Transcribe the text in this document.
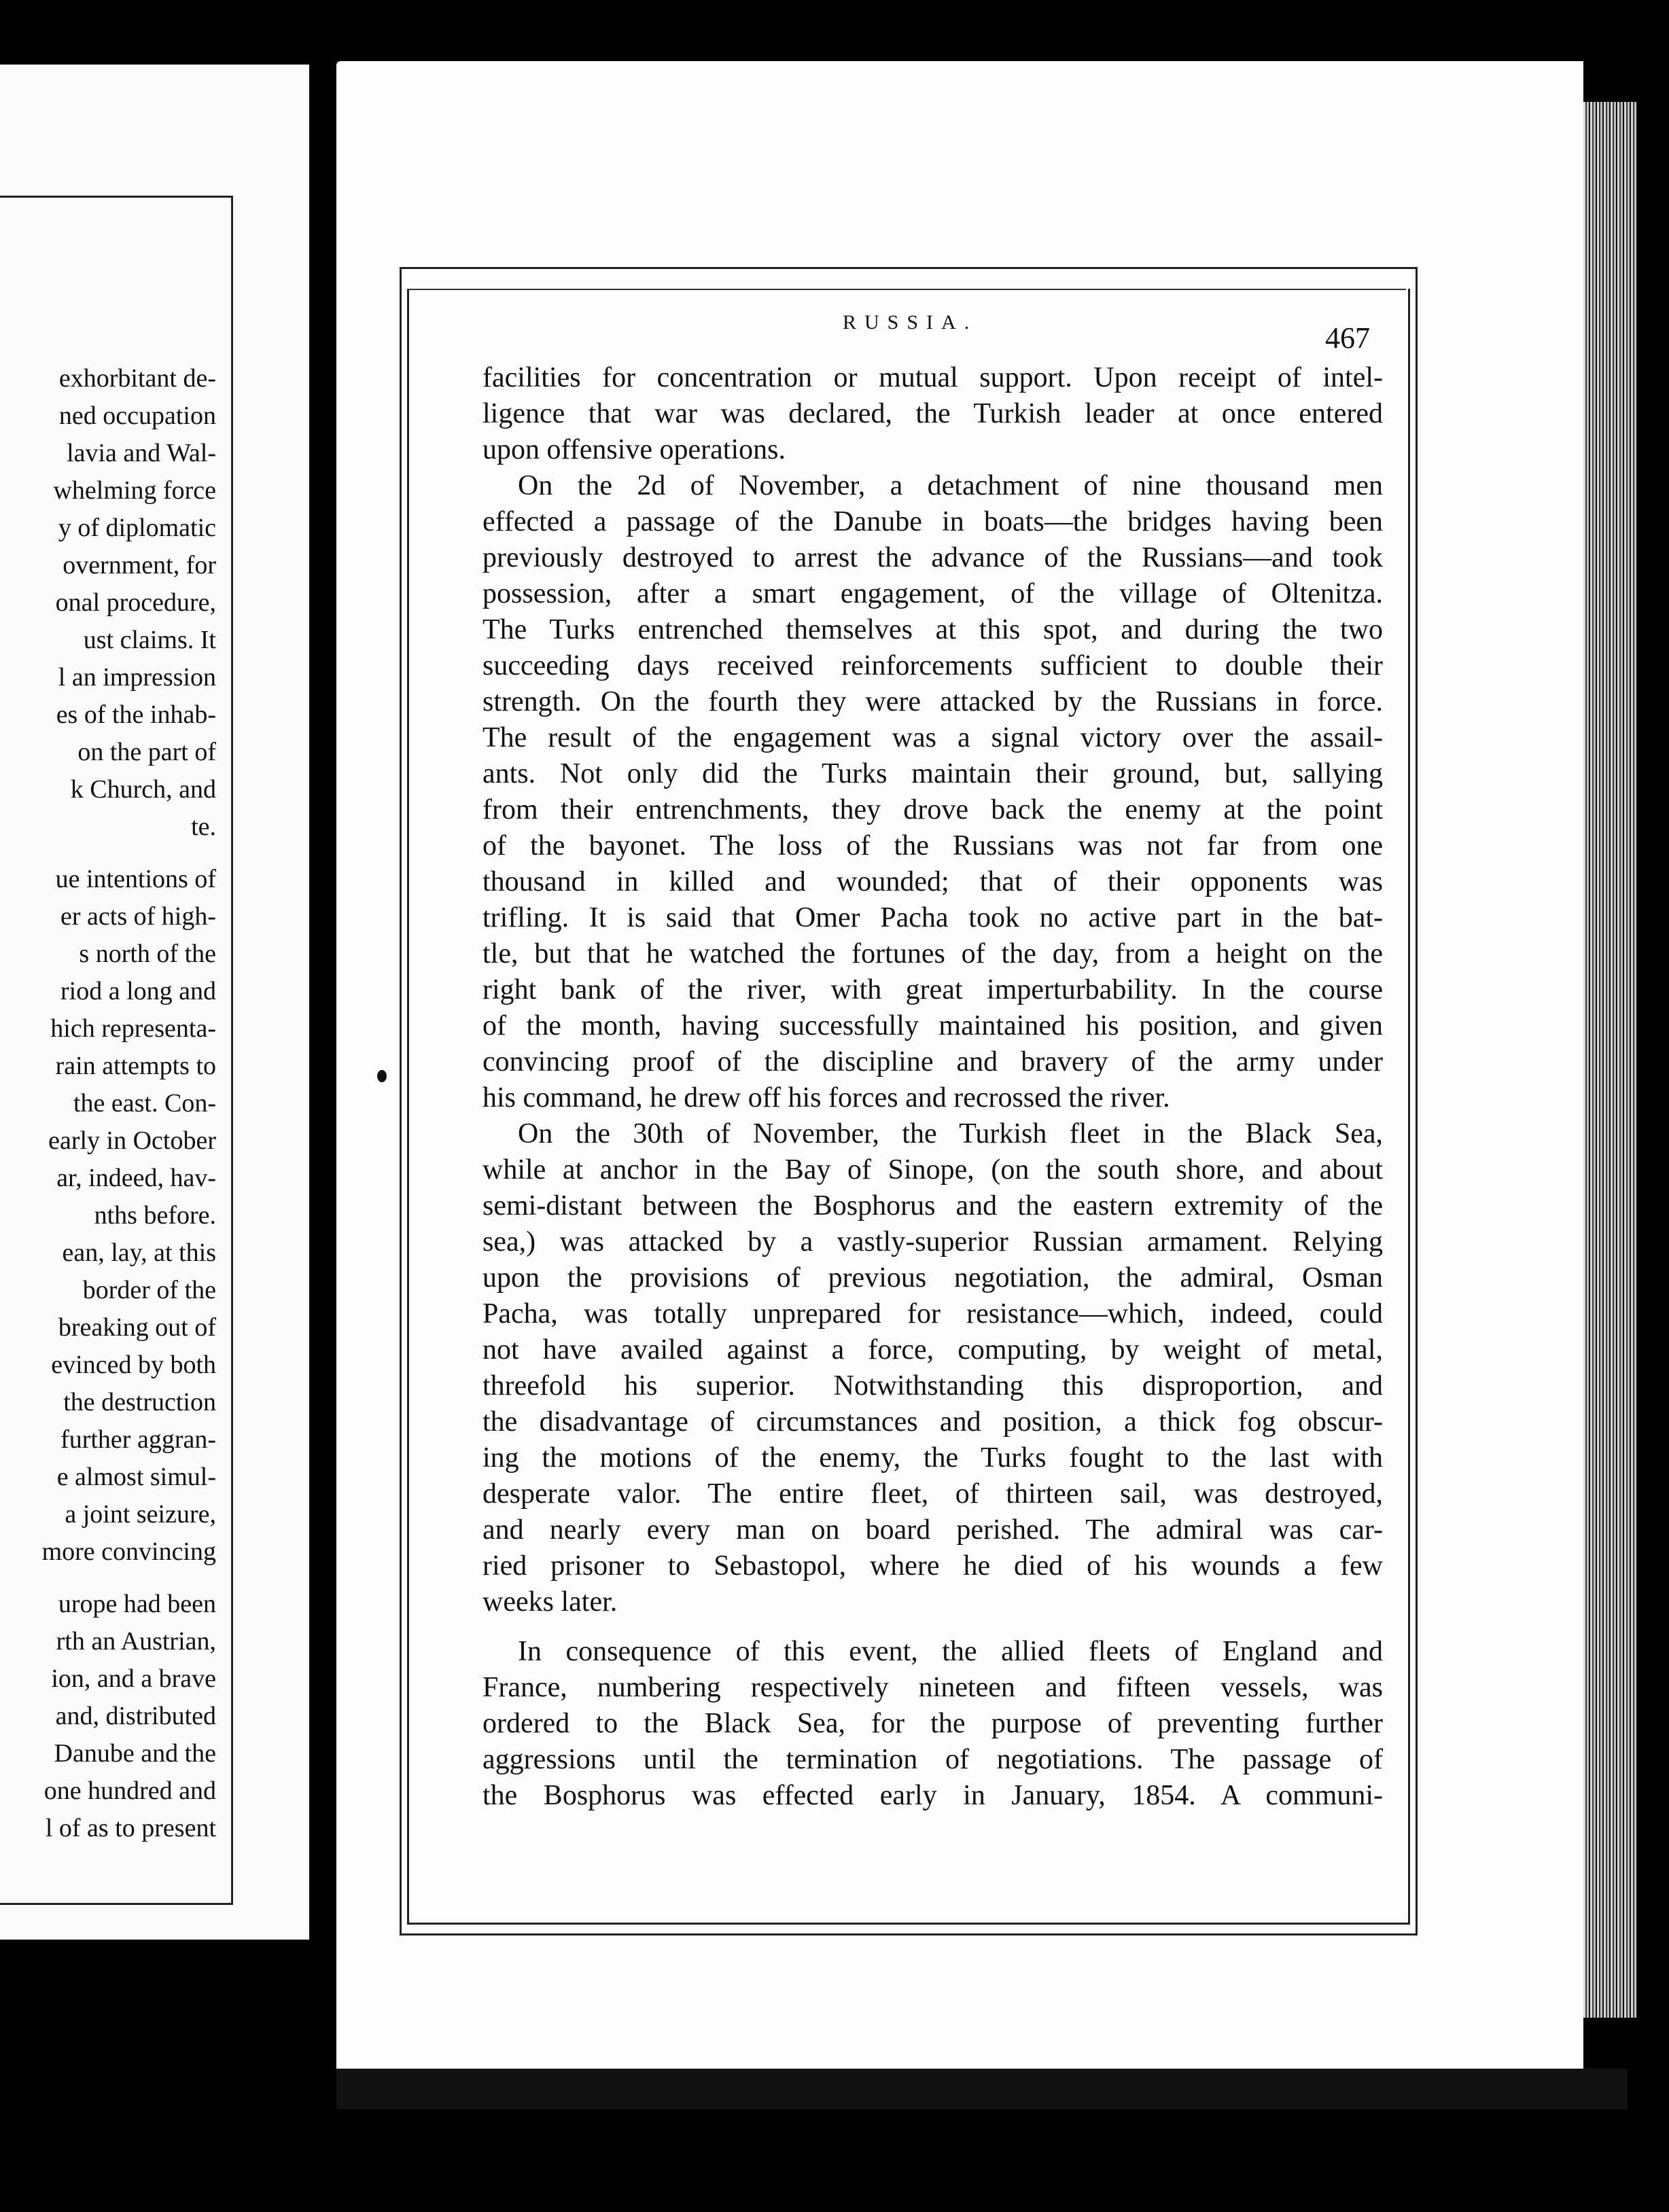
exhorbitant de-
ned occupation
lavia and Wal-
whelming force
y of diplomatic
overnment, for
onal procedure,
ust claims. It
l an impression
es of the inhab-
on the part of
k Church, and
te.
ue intentions of
er acts of high-
s north of the
riod a long and
hich representa-
rain attempts to
the east. Con-
early in October
ar, indeed, hav-
nths before.
ean, lay, at this
border of the
breaking out of
evinced by both
the destruction
further aggran-
e almost simul-
a joint seizure,
more convincing
urope had been
rth an Austrian,
ion, and a brave
and, distributed
Danube and the
one hundred and
l of as to present
RUSSIA.	467
facilities for concentration or mutual support. Upon receipt of intel-
ligence that war was declared, the Turkish leader at once entered
upon offensive operations.
On the 2d of November, a detachment of nine thousand men
effected a passage of the Danube in boats—the bridges having been
previously destroyed to arrest the advance of the Russians—and took
possession, after a smart engagement, of the village of Oltenitza.
The Turks entrenched themselves at this spot, and during the two
succeeding days received reinforcements sufficient to double their
strength. On the fourth they were attacked by the Russians in force.
The result of the engagement was a signal victory over the assail-
ants. Not only did the Turks maintain their ground, but, sallying
from their entrenchments, they drove back the enemy at the point
of the bayonet. The loss of the Russians was not far from one
thousand in killed and wounded; that of their opponents was
trifling. It is said that Omer Pacha took no active part in the bat-
tle, but that he watched the fortunes of the day, from a height on the
right bank of the river, with great imperturbability. In the course
of the month, having successfully maintained his position, and given
convincing proof of the discipline and bravery of the army under
his command, he drew off his forces and recrossed the river.
On the 30th of November, the Turkish fleet in the Black Sea,
while at anchor in the Bay of Sinope, (on the south shore, and about
semi-distant between the Bosphorus and the eastern extremity of the
sea,) was attacked by a vastly-superior Russian armament. Relying
upon the provisions of previous negotiation, the admiral, Osman
Pacha, was totally unprepared for resistance—which, indeed, could
not have availed against a force, computing, by weight of metal,
threefold his superior. Notwithstanding this disproportion, and
the disadvantage of circumstances and position, a thick fog obscur-
ing the motions of the enemy, the Turks fought to the last with
desperate valor. The entire fleet, of thirteen sail, was destroyed,
and nearly every man on board perished. The admiral was car-
ried prisoner to Sebastopol, where he died of his wounds a few
weeks later.
In consequence of this event, the allied fleets of England and
France, numbering respectively nineteen and fifteen vessels, was
ordered to the Black Sea, for the purpose of preventing further
aggressions until the termination of negotiations. The passage of
the Bosphorus was effected early in January, 1854. A communi-
